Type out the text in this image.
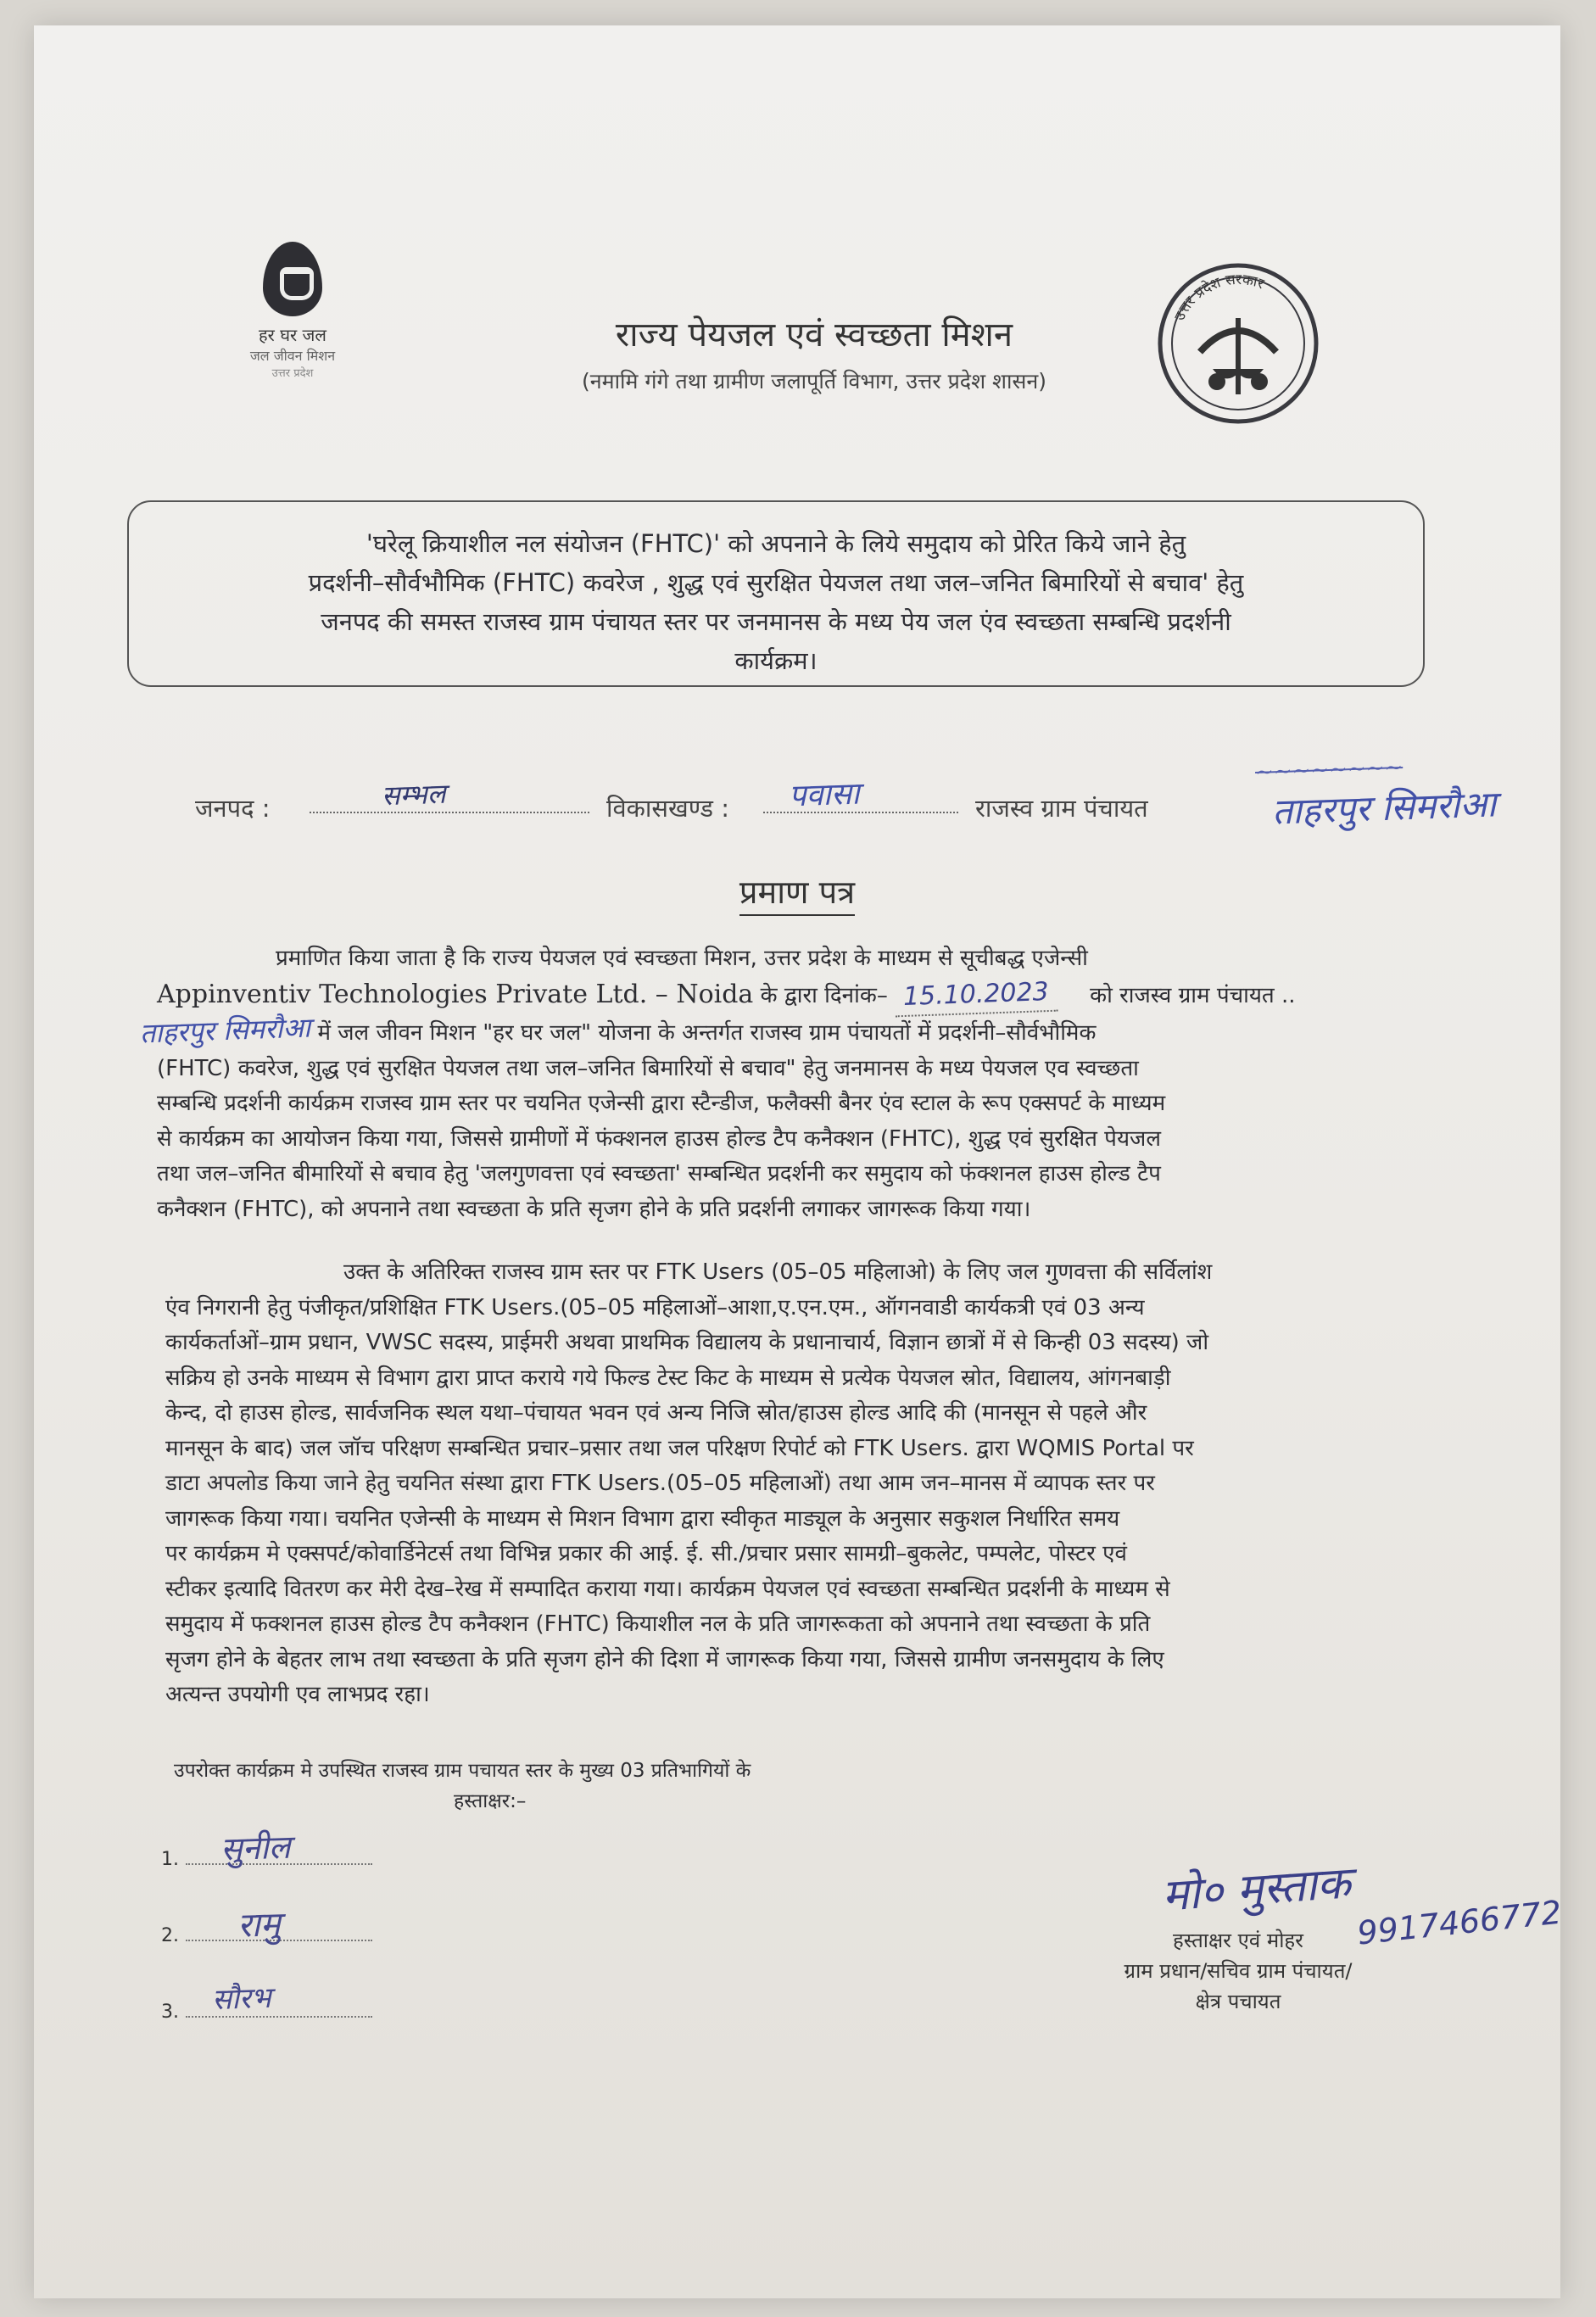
हर घर जल
जल जीवन मिशन
उत्तर प्रदेश
राज्य पेयजल एवं स्वच्छता मिशन
(नमामि गंगे तथा ग्रामीण जलापूर्ति विभाग, उत्तर प्रदेश शासन)
उत्तर प्रदेश सरकार
'घरेलू क्रियाशील नल संयोजन (FHTC)' को अपनाने के लिये समुदाय को प्रेरित किये जाने हेतु
प्रदर्शनी–सौर्वभौमिक (FHTC) कवरेज , शुद्ध एवं सुरक्षित पेयजल तथा जल–जनित बिमारियों से बचाव' हेतु
जनपद की समस्त राजस्व ग्राम पंचायत स्तर पर जनमानस के मध्य पेय जल एंव स्वच्छता सम्बन्धि प्रदर्शनी
कार्यक्रम।
जनपद :	सम्भल	विकासखण्ड : पवासा	राजस्व ग्राम पंचायत
~~~~~~~~
ताहरपुर सिमरौआ
प्रमाण पत्र
प्रमाणित किया जाता है कि राज्य पेयजल एवं स्वच्छता मिशन, उत्तर प्रदेश के माध्यम से सूचीबद्ध एजेन्सी
Appinventiv Technologies Private Ltd. – Noida के द्वारा दिनांक– 15.10.2023 को राजस्व ग्राम पंचायत ..
ताहरपुर सिमरौआ में जल जीवन मिशन "हर घर जल" योजना के अन्तर्गत राजस्व ग्राम पंचायतों में प्रदर्शनी–सौर्वभौमिक
(FHTC) कवरेज, शुद्ध एवं सुरक्षित पेयजल तथा जल–जनित बिमारियों से बचाव" हेतु जनमानस के मध्य पेयजल एव स्वच्छता
सम्बन्धि प्रदर्शनी कार्यक्रम राजस्व ग्राम स्तर पर चयनित एजेन्सी द्वारा स्टैन्डीज, फलैक्सी बैनर एंव स्टाल के रूप एक्सपर्ट के माध्यम
से कार्यक्रम का आयोजन किया गया, जिससे ग्रामीणों में फंक्शनल हाउस होल्ड टैप कनैक्शन (FHTC), शुद्ध एवं सुरक्षित पेयजल
तथा जल–जनित बीमारियों से बचाव हेतु 'जलगुणवत्ता एवं स्वच्छता' सम्बन्धित प्रदर्शनी कर समुदाय को फंक्शनल हाउस होल्ड टैप
कनैक्शन (FHTC), को अपनाने तथा स्वच्छता के प्रति सृजग होने के प्रति प्रदर्शनी लगाकर जागरूक किया गया।
उक्त के अतिरिक्त राजस्व ग्राम स्तर पर FTK Users (05–05 महिलाओ) के लिए जल गुणवत्ता की सर्विलांश
एंव निगरानी हेतु पंजीकृत/प्रशिक्षित FTK Users.(05–05 महिलाओं–आशा,ए.एन.एम., ऑगनवाडी कार्यकत्री एवं 03 अन्य
कार्यकर्ताओं–ग्राम प्रधान, VWSC सदस्य, प्राईमरी अथवा प्राथमिक विद्यालय के प्रधानाचार्य, विज्ञान छात्रों में से किन्ही 03 सदस्य) जो
सक्रिय हो उनके माध्यम से विभाग द्वारा प्राप्त कराये गये फिल्ड टेस्ट किट के माध्यम से प्रत्येक पेयजल स्रोत, विद्यालय, आंगनबाड़ी
केन्द, दो हाउस होल्ड, सार्वजनिक स्थल यथा–पंचायत भवन एवं अन्य निजि स्रोत/हाउस होल्ड आदि की (मानसून से पहले और
मानसून के बाद) जल जॉच परिक्षण सम्बन्धित प्रचार–प्रसार तथा जल परिक्षण रिपोर्ट को FTK Users. द्वारा WQMIS Portal पर
डाटा अपलोड किया जाने हेतु चयनित संस्था द्वारा FTK Users.(05–05 महिलाओं) तथा आम जन–मानस में व्यापक स्तर पर
जागरूक किया गया। चयनित एजेन्सी के माध्यम से मिशन विभाग द्वारा स्वीकृत माड्यूल के अनुसार सकुशल निर्धारित समय
पर कार्यक्रम मे एक्सपर्ट/कोवार्डिनेटर्स तथा विभिन्न प्रकार की आई. ई. सी./प्रचार प्रसार सामग्री–बुकलेट, पम्पलेट, पोस्टर एवं
स्टीकर इत्यादि वितरण कर मेरी देख–रेख में सम्पादित कराया गया। कार्यक्रम पेयजल एवं स्वच्छता सम्बन्धित प्रदर्शनी के माध्यम से
समुदाय में फक्शनल हाउस होल्ड टैप कनैक्शन (FHTC) कियाशील नल के प्रति जागरूकता को अपनाने तथा स्वच्छता के प्रति
सृजग होने के बेहतर लाभ तथा स्वच्छता के प्रति सृजग होने की दिशा में जागरूक किया गया, जिससे ग्रामीण जनसमुदाय के लिए
अत्यन्त उपयोगी एव लाभप्रद रहा।
उपरोक्त कार्यक्रम मे उपस्थित राजस्व ग्राम पचायत स्तर के मुख्य 03 प्रतिभागियों के
हस्ताक्षर:–
1. सुनील
2. रामु
3. सौरभ
मो० मुस्ताक
9917466772
हस्ताक्षर एवं मोहर
ग्राम प्रधान/सचिव ग्राम पंचायत/
क्षेत्र पचायत
